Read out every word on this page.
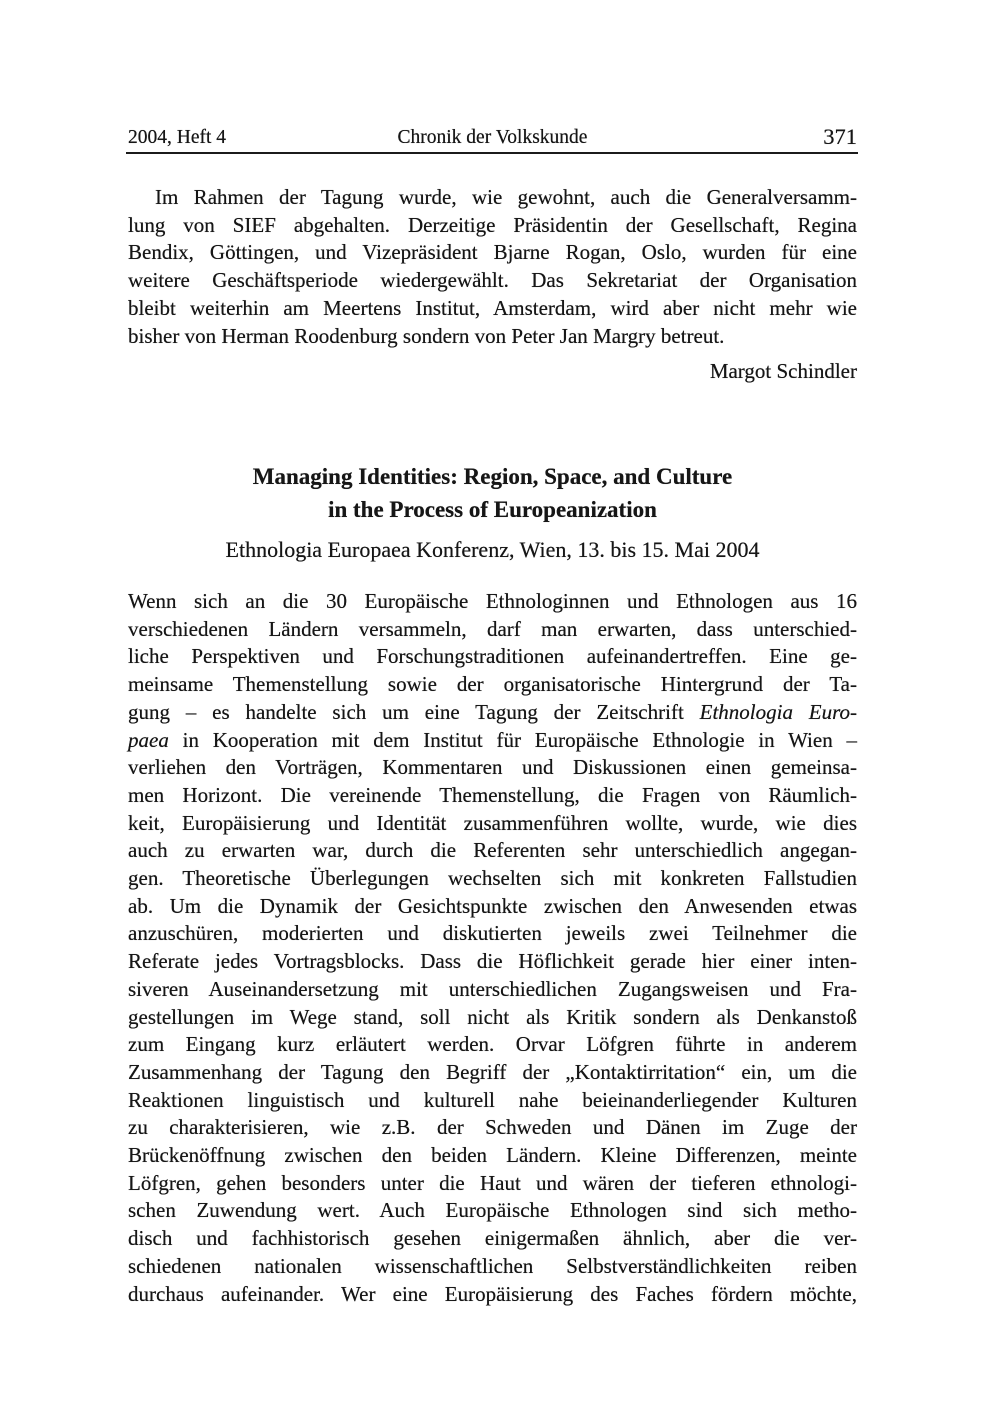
2004, Heft 4	Chronik der Volkskunde	371
Im Rahmen der Tagung wurde, wie gewohnt, auch die Generalversamm-
lung von SIEF abgehalten. Derzeitige Präsidentin der Gesellschaft, Regina
Bendix, Göttingen, und Vizepräsident Bjarne Rogan, Oslo, wurden für eine
weitere Geschäftsperiode wiedergewählt. Das Sekretariat der Organisation
bleibt weiterhin am Meertens Institut, Amsterdam, wird aber nicht mehr wie
bisher von Herman Roodenburg sondern von Peter Jan Margry betreut.
Margot Schindler
Managing Identities: Region, Space, and Culture
in the Process of Europeanization
Ethnologia Europaea Konferenz, Wien, 13. bis 15. Mai 2004
Wenn sich an die 30 Europäische Ethnologinnen und Ethnologen aus 16
verschiedenen Ländern versammeln, darf man erwarten, dass unterschied-
liche Perspektiven und Forschungstraditionen aufeinandertreffen. Eine ge-
meinsame Themenstellung sowie der organisatorische Hintergrund der Ta-
gung – es handelte sich um eine Tagung der Zeitschrift Ethnologia Euro-
paea in Kooperation mit dem Institut für Europäische Ethnologie in Wien –
verliehen den Vorträgen, Kommentaren und Diskussionen einen gemeinsa-
men Horizont. Die vereinende Themenstellung, die Fragen von Räumlich-
keit, Europäisierung und Identität zusammenführen wollte, wurde, wie dies
auch zu erwarten war, durch die Referenten sehr unterschiedlich angegan-
gen. Theoretische Überlegungen wechselten sich mit konkreten Fallstudien
ab. Um die Dynamik der Gesichtspunkte zwischen den Anwesenden etwas
anzuschüren, moderierten und diskutierten jeweils zwei Teilnehmer die
Referate jedes Vortragsblocks. Dass die Höflichkeit gerade hier einer inten-
siveren Auseinandersetzung mit unterschiedlichen Zugangsweisen und Fra-
gestellungen im Wege stand, soll nicht als Kritik sondern als Denkanstoß
zum Eingang kurz erläutert werden. Orvar Löfgren führte in anderem
Zusammenhang der Tagung den Begriff der „Kontaktirritation“ ein, um die
Reaktionen linguistisch und kulturell nahe beieinanderliegender Kulturen
zu charakterisieren, wie z.B. der Schweden und Dänen im Zuge der
Brückenöffnung zwischen den beiden Ländern. Kleine Differenzen, meinte
Löfgren, gehen besonders unter die Haut und wären der tieferen ethnologi-
schen Zuwendung wert. Auch Europäische Ethnologen sind sich metho-
disch und fachhistorisch gesehen einigermaßen ähnlich, aber die ver-
schiedenen nationalen wissenschaftlichen Selbstverständlichkeiten reiben
durchaus aufeinander. Wer eine Europäisierung des Faches fördern möchte,
